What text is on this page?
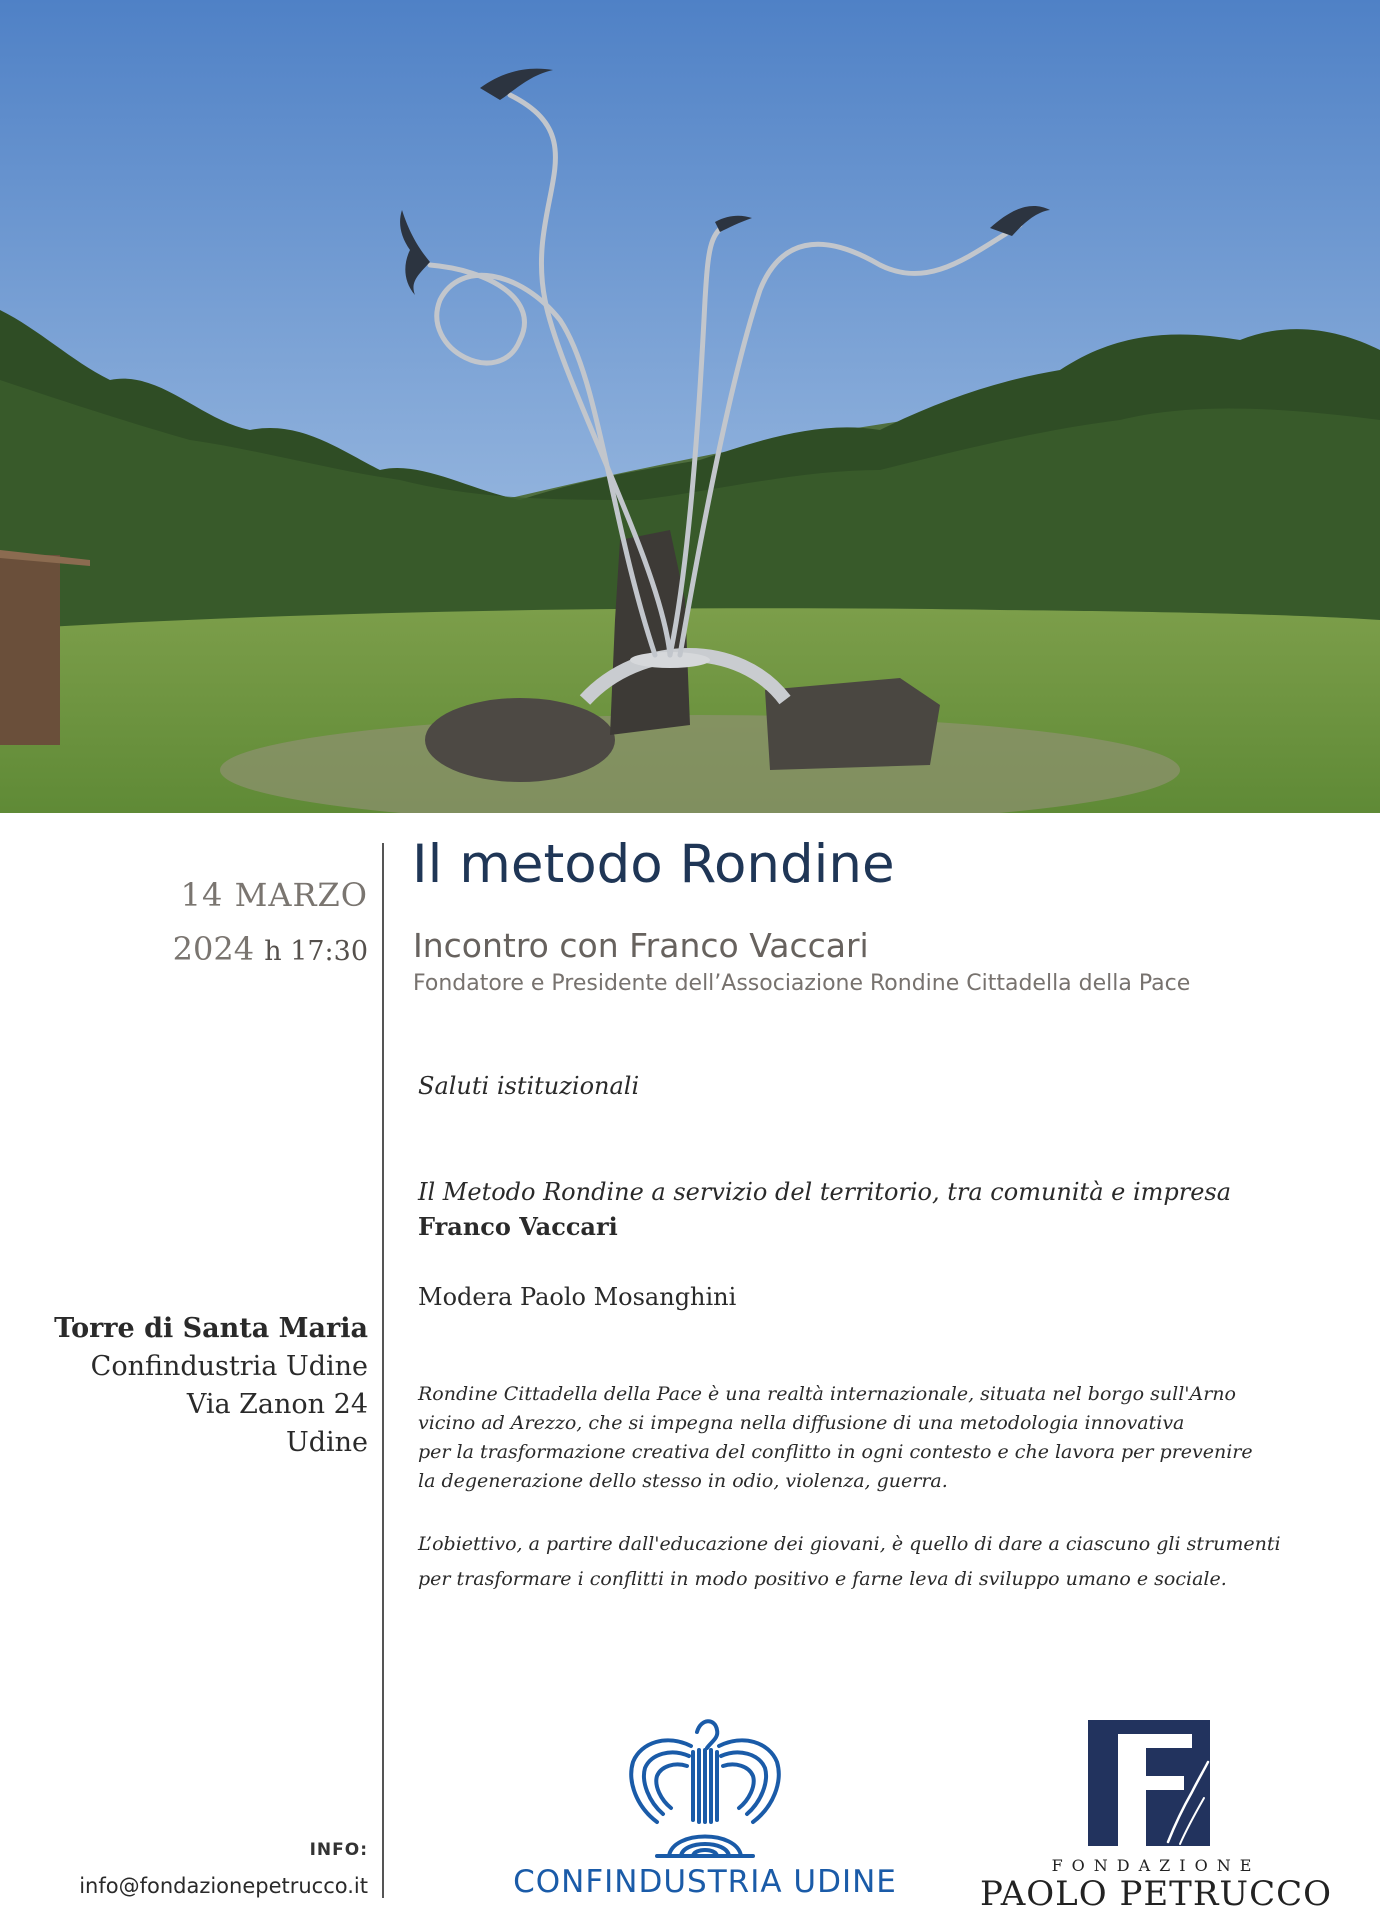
14 MARZO
2024 h 17:30
Torre di Santa Maria
Confindustria Udine
Via Zanon 24
Udine
INFO:
info@fondazionepetrucco.it
Il metodo Rondine
Incontro con Franco Vaccari
Fondatore e Presidente dell’Associazione Rondine Cittadella della Pace
Saluti istituzionali
Il Metodo Rondine a servizio del territorio, tra comunità e impresa
Franco Vaccari
Modera Paolo Mosanghini
Rondine Cittadella della Pace è una realtà internazionale, situata nel borgo sull'Arno
vicino ad Arezzo, che si impegna nella diffusione di una metodologia innovativa
per la trasformazione creativa del conflitto in ogni contesto e che lavora per prevenire
la degenerazione dello stesso in odio, violenza, guerra.
L’obiettivo, a partire dall'educazione dei giovani, è quello di dare a ciascuno gli strumenti
per trasformare i conflitti in modo positivo e farne leva di sviluppo umano e sociale.
CONFINDUSTRIA UDINE	FONDAZIONE
PAOLO PETRUCCO
